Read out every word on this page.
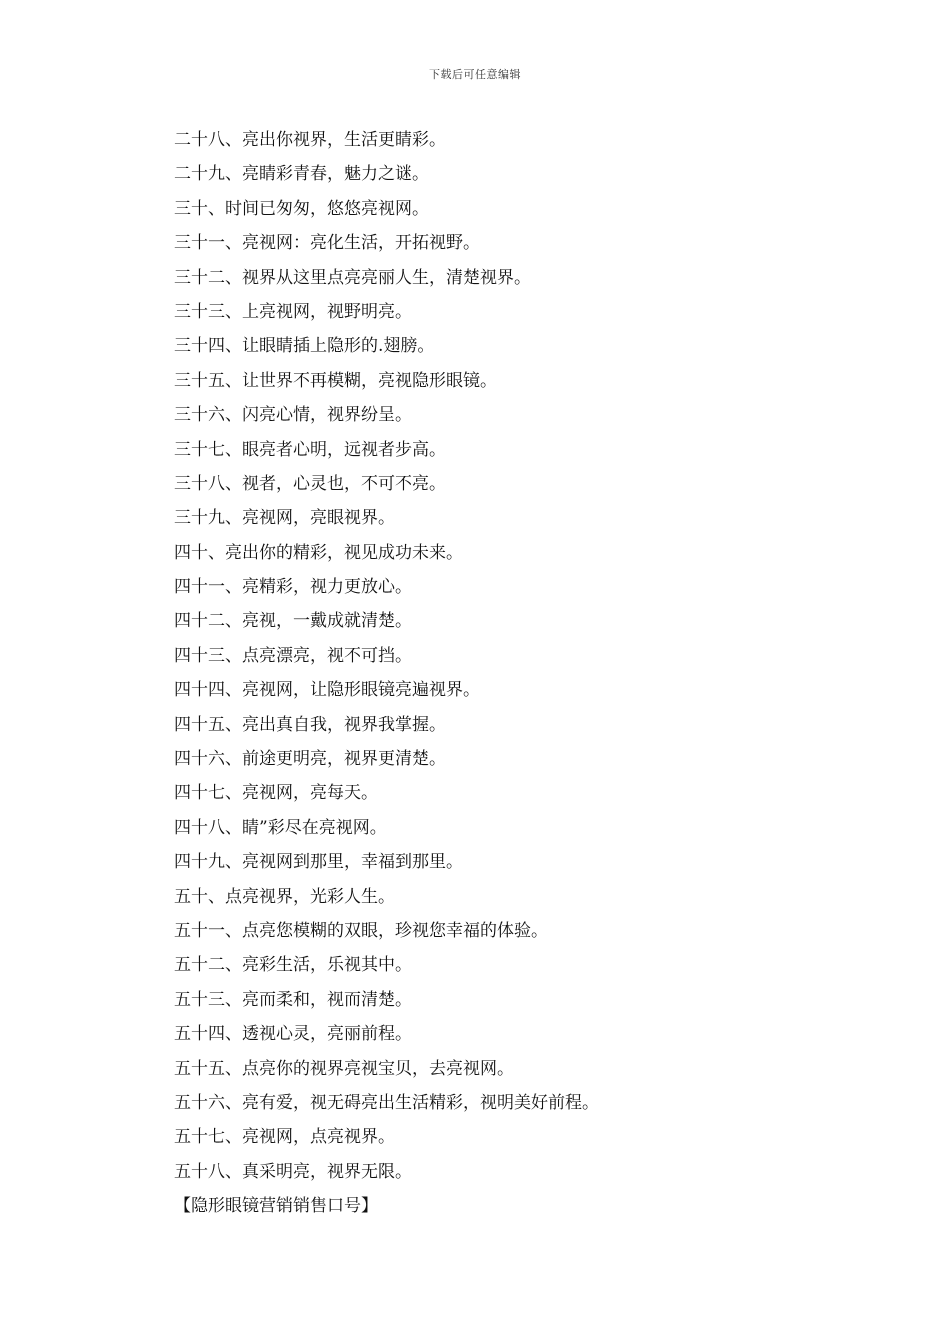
下载后可任意编辑
二十八、亮出你视界，生活更睛彩。
二十九、亮睛彩青春，魅力之谜。
三十、时间已匆匆，悠悠亮视网。
三十一、亮视网：亮化生活，开拓视野。
三十二、视界从这里点亮亮丽人生，清楚视界。
三十三、上亮视网，视野明亮。
三十四、让眼睛插上隐形的.翅膀。
三十五、让世界不再模糊，亮视隐形眼镜。
三十六、闪亮心情，视界纷呈。
三十七、眼亮者心明，远视者步高。
三十八、视者，心灵也，不可不亮。
三十九、亮视网，亮眼视界。
四十、亮出你的精彩，视见成功未来。
四十一、亮精彩，视力更放心。
四十二、亮视，一戴成就清楚。
四十三、点亮漂亮，视不可挡。
四十四、亮视网，让隐形眼镜亮遍视界。
四十五、亮出真自我，视界我掌握。
四十六、前途更明亮，视界更清楚。
四十七、亮视网，亮每天。
四十八、睛”彩尽在亮视网。
四十九、亮视网到那里，幸福到那里。
五十、点亮视界，光彩人生。
五十一、点亮您模糊的双眼，珍视您幸福的体验。
五十二、亮彩生活，乐视其中。
五十三、亮而柔和，视而清楚。
五十四、透视心灵，亮丽前程。
五十五、点亮你的视界亮视宝贝，去亮视网。
五十六、亮有爱，视无碍亮出生活精彩，视明美好前程。
五十七、亮视网，点亮视界。
五十八、真采明亮，视界无限。
【隐形眼镜营销销售口号】
